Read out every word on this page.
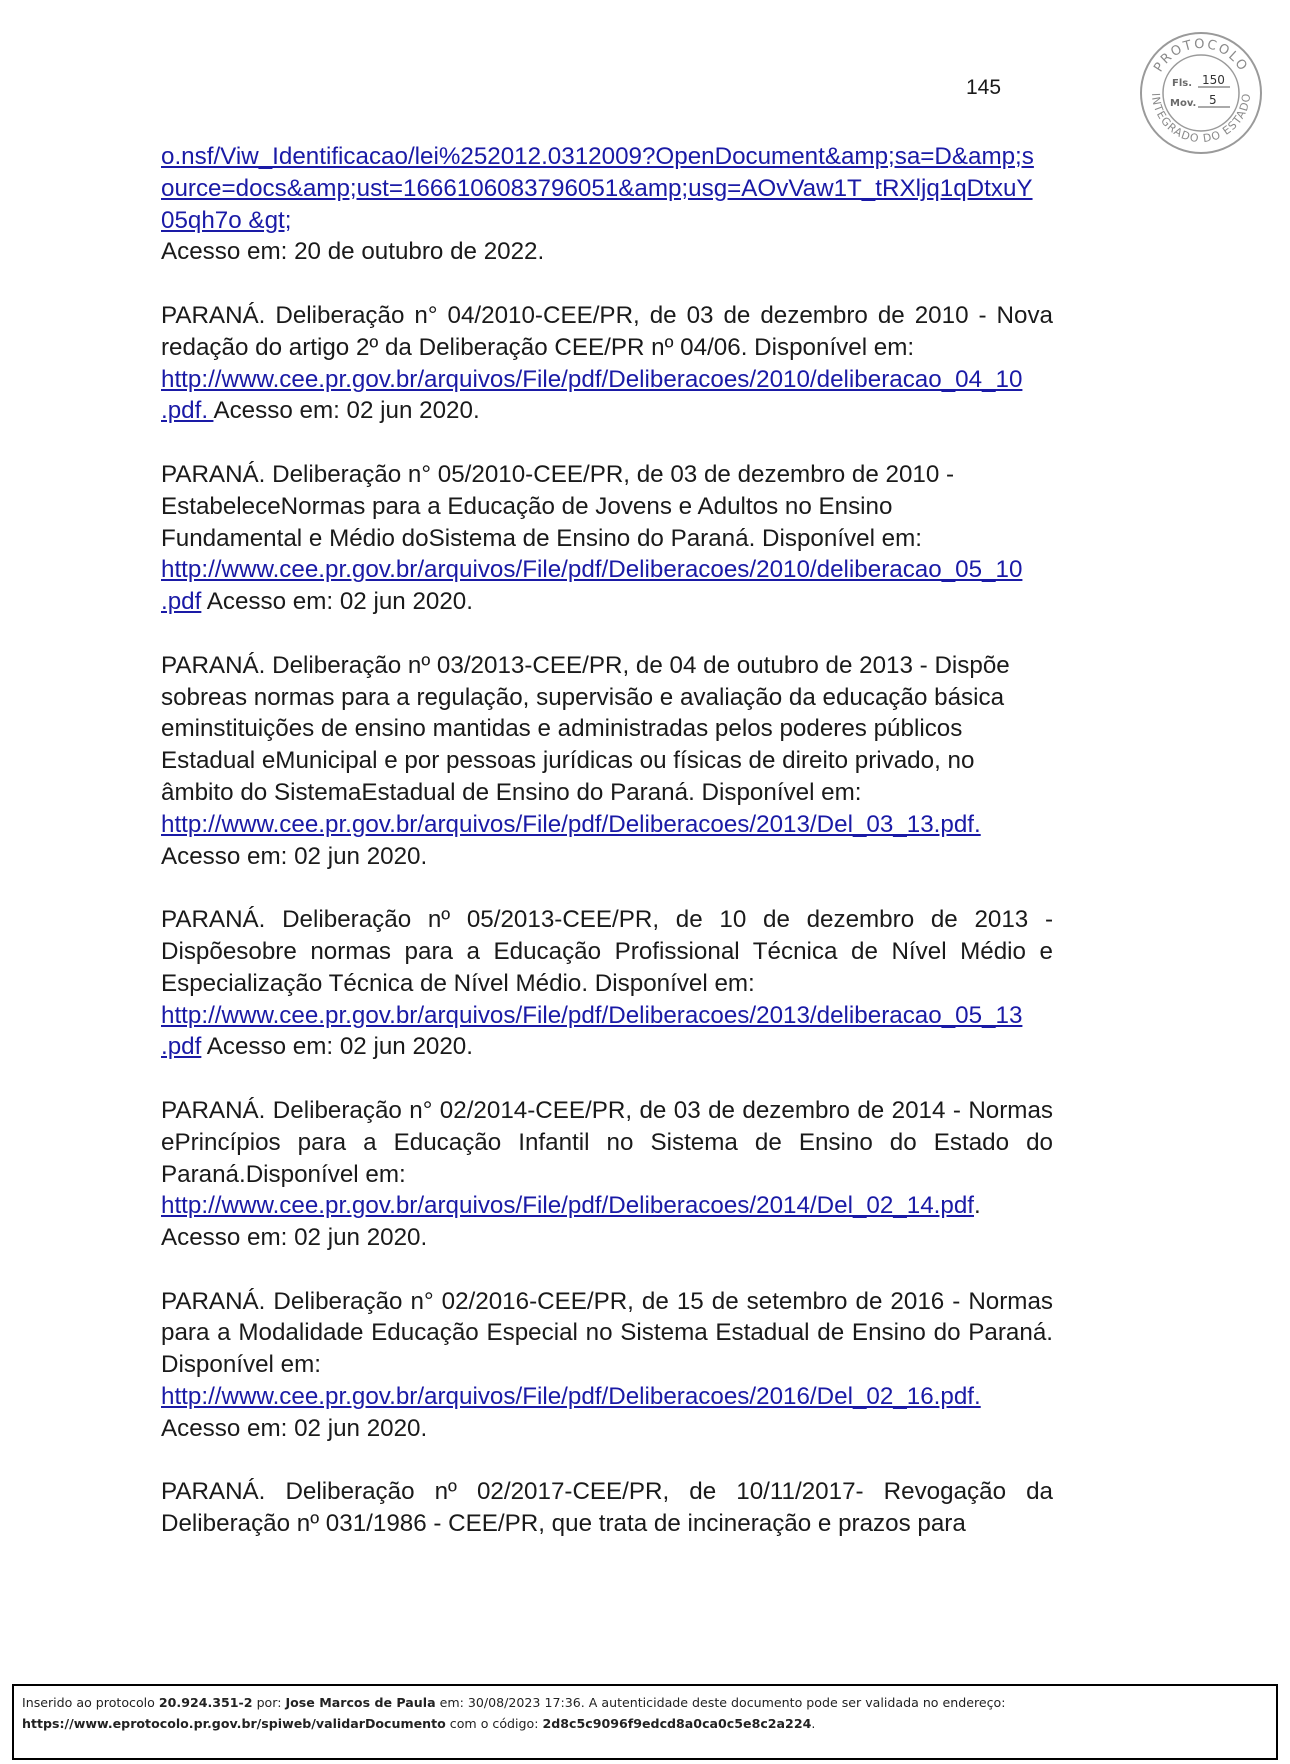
145
PROTOCOLO
INTEGRADO DO ESTADO
Fls. 150
Mov. 5
o.nsf/Viw_Identificacao/lei%252012.0312009?OpenDocument&amp;sa=D&amp;s
ource=docs&amp;ust=1666106083796051&amp;usg=AOvVaw1T_tRXljq1qDtxuY
05qh7o &gt;
Acesso em: 20 de outubro de 2022.
PARANÁ. Deliberação n° 04/2010-CEE/PR, de 03 de dezembro de 2010 - Nova redação do artigo 2º da Deliberação CEE/PR nº 04/06. Disponível em:
http://www.cee.pr.gov.br/arquivos/File/pdf/Deliberacoes/2010/deliberacao_04_10
.pdf. Acesso em: 02 jun 2020.
PARANÁ. Deliberação n° 05/2010-CEE/PR, de 03 de dezembro de 2010 -
EstabeleceNormas para a Educação de Jovens e Adultos no Ensino
Fundamental e Médio doSistema de Ensino do Paraná. Disponível em:
http://www.cee.pr.gov.br/arquivos/File/pdf/Deliberacoes/2010/deliberacao_05_10
.pdf Acesso em: 02 jun 2020.
PARANÁ. Deliberação nº 03/2013-CEE/PR, de 04 de outubro de 2013 - Dispõe
sobreas normas para a regulação, supervisão e avaliação da educação básica
eminstituições de ensino mantidas e administradas pelos poderes públicos
Estadual eMunicipal e por pessoas jurídicas ou físicas de direito privado, no
âmbito do SistemaEstadual de Ensino do Paraná. Disponível em:
http://www.cee.pr.gov.br/arquivos/File/pdf/Deliberacoes/2013/Del_03_13.pdf.
Acesso em: 02 jun 2020.
PARANÁ. Deliberação nº 05/2013-CEE/PR, de 10 de dezembro de 2013 - Dispõesobre normas para a Educação Profissional Técnica de Nível Médio e Especialização Técnica de Nível Médio. Disponível em:
http://www.cee.pr.gov.br/arquivos/File/pdf/Deliberacoes/2013/deliberacao_05_13
.pdf Acesso em: 02 jun 2020.
PARANÁ. Deliberação n° 02/2014-CEE/PR, de 03 de dezembro de 2014 - Normas ePrincípios para a Educação Infantil no Sistema de Ensino do Estado do Paraná.Disponível em:
http://www.cee.pr.gov.br/arquivos/File/pdf/Deliberacoes/2014/Del_02_14.pdf.
Acesso em: 02 jun 2020.
PARANÁ. Deliberação n° 02/2016-CEE/PR, de 15 de setembro de 2016 - Normas para a Modalidade Educação Especial no Sistema Estadual de Ensino do Paraná. Disponível em:
http://www.cee.pr.gov.br/arquivos/File/pdf/Deliberacoes/2016/Del_02_16.pdf.
Acesso em: 02 jun 2020.
PARANÁ. Deliberação nº 02/2017-CEE/PR, de 10/11/2017- Revogação da Deliberação nº 031/1986 - CEE/PR, que trata de incineração e prazos para
Inserido ao protocolo 20.924.351-2 por: Jose Marcos de Paula em: 30/08/2023 17:36. A autenticidade deste documento pode ser validada no endereço:
https://www.eprotocolo.pr.gov.br/spiweb/validarDocumento com o código: 2d8c5c9096f9edcd8a0ca0c5e8c2a224.
